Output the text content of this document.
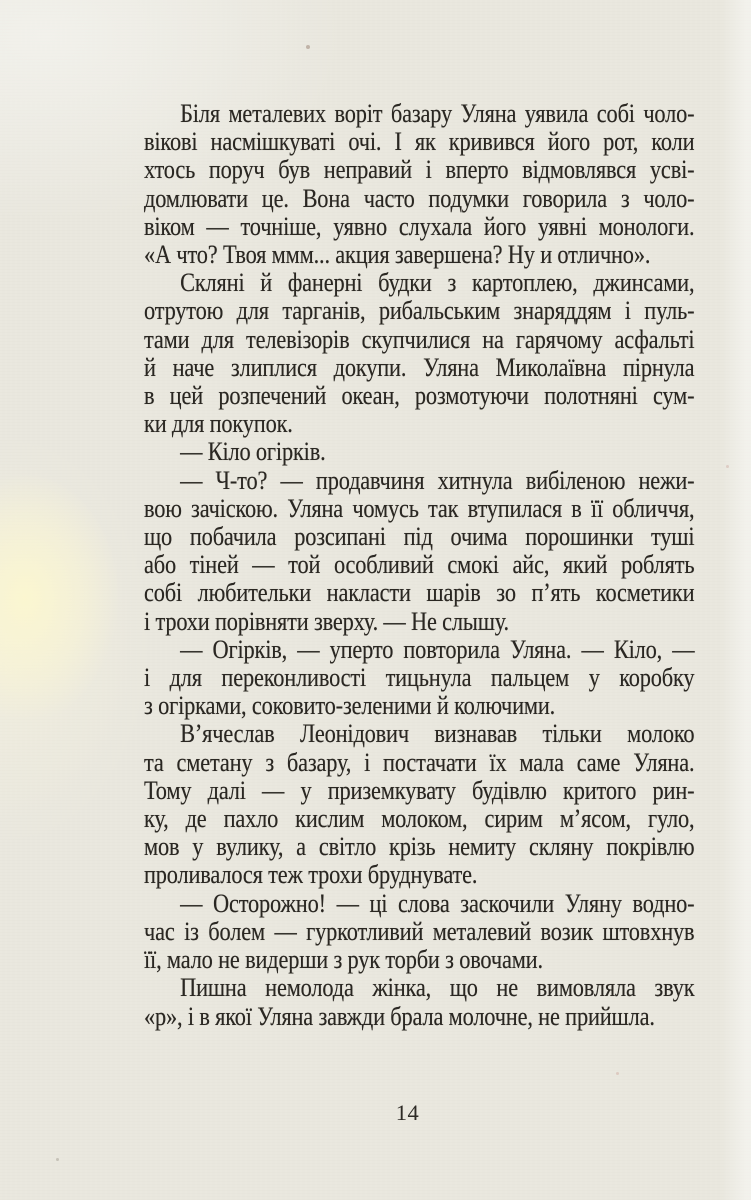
Біля металевих воріт базару Уляна уявила собі чоло-
вікові насмішкуваті очі. І як кривився його рот, коли
хтось поруч був неправий і вперто відмовлявся усві-
домлювати це. Вона часто подумки говорила з чоло-
віком — точніше, уявно слухала його уявні монологи.
«А что? Твоя ммм... акция завершена? Ну и отлично».
Скляні й фанерні будки з картоплею, джинсами,
отрутою для тарганів, рибальським знаряддям і пуль-
тами для телевізорів скупчилися на гарячому асфальті
й наче злиплися докупи. Уляна Миколаївна пірнула
в цей розпечений океан, розмотуючи полотняні сум-
ки для покупок.
— Кіло огірків.
— Ч-то? — продавчиня хитнула вибіленою нежи-
вою зачіскою. Уляна чомусь так втупилася в її обличчя,
що побачила розсипані під очима порошинки туші
або тіней — той особливий смокі айс, який роблять
собі любительки накласти шарів зо п’ять косметики
і трохи порівняти зверху. — Не слышу.
— Огірків, — уперто повторила Уляна. — Кіло, —
і для переконливості тицьнула пальцем у коробку
з огірками, соковито-зеленими й колючими.
В’ячеслав Леонідович визнавав тільки молоко
та сметану з базару, і постачати їх мала саме Уляна.
Тому далі — у приземкувату будівлю критого рин-
ку, де пахло кислим молоком, сирим м’ясом, гуло,
мов у вулику, а світло крізь немиту скляну покрівлю
проливалося теж трохи бруднувате.
— Осторожно! — ці слова заскочили Уляну водно-
час із болем — гуркотливий металевий возик штовхнув
її, мало не видерши з рук торби з овочами.
Пишна немолода жінка, що не вимовляла звук
«р», і в якої Уляна завжди брала молочне, не прийшла.
14
